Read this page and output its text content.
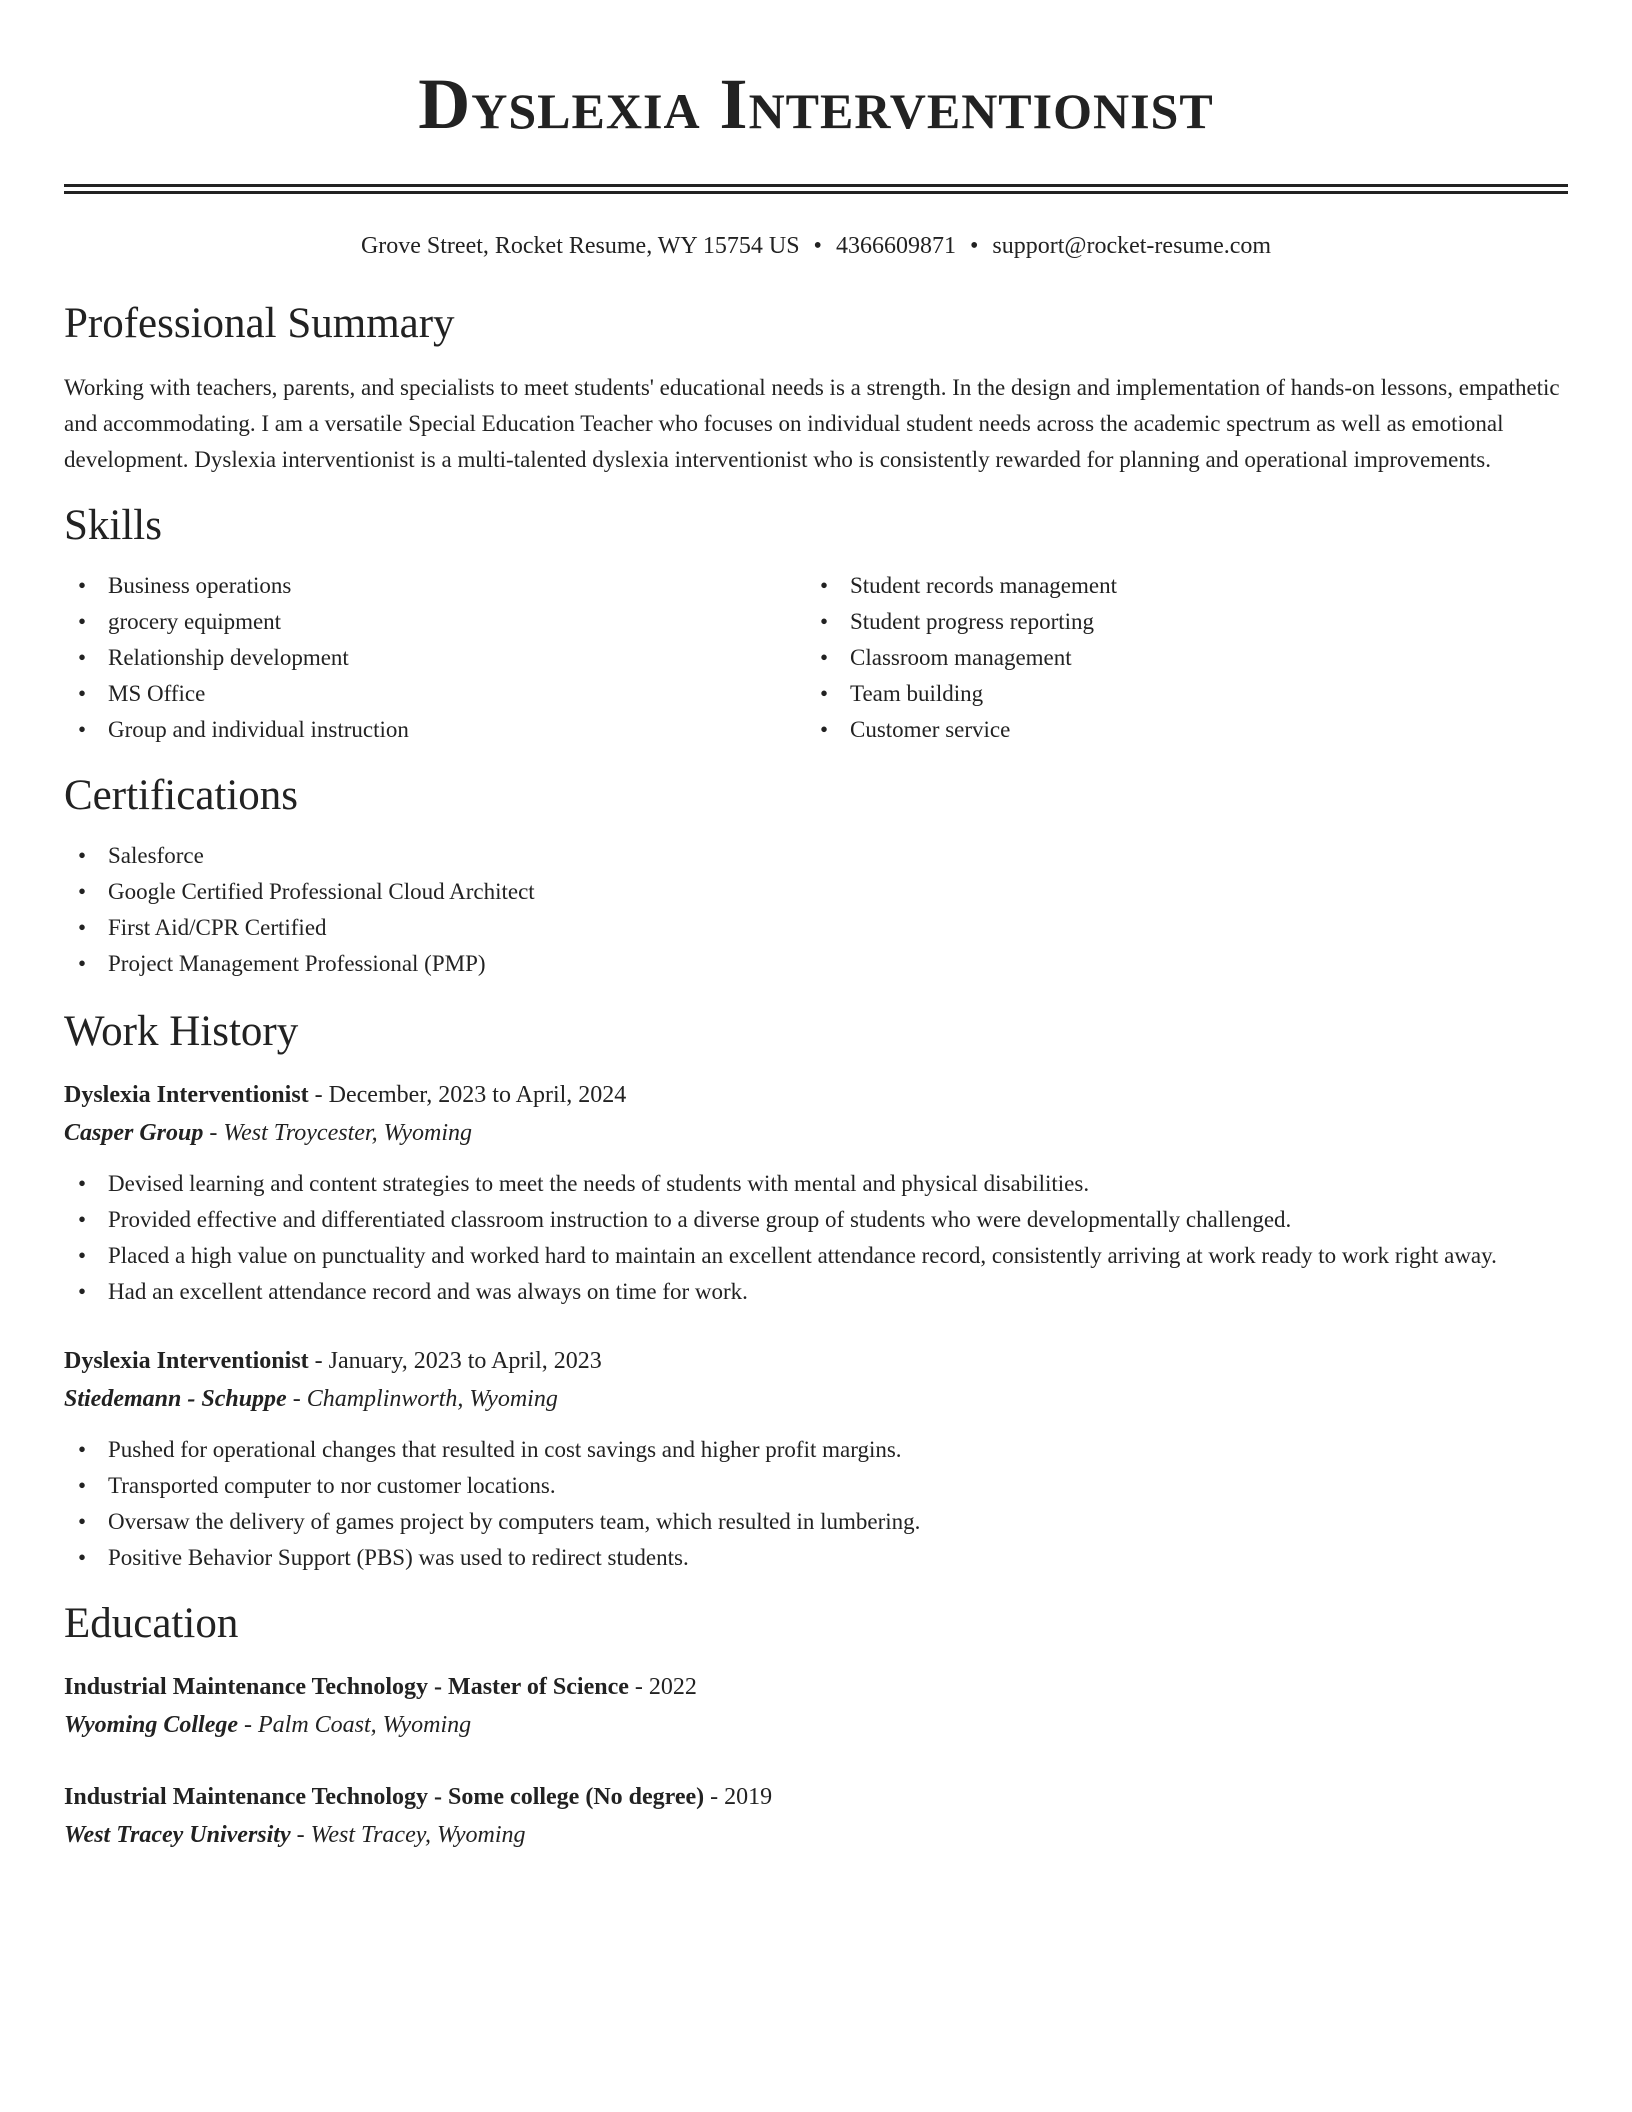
Dyslexia Interventionist
Grove Street, Rocket Resume, WY 15754 US • 4366609871 • support@rocket-resume.com
Professional Summary

Working with teachers, parents, and specialists to meet students' educational needs is a strength. In the design and implementation of hands-on lessons, empathetic and accommodating. I am a versatile Special Education Teacher who focuses on individual student needs across the academic spectrum as well as emotional development. Dyslexia interventionist is a multi-talented dyslexia interventionist who is consistently rewarded for planning and operational improvements.

Skills
• Business operations
• grocery equipment
• Relationship development
• MS Office
• Group and individual instruction
• Student records management
• Student progress reporting
• Classroom management
• Team building
• Customer service
Certifications
• Salesforce
• Google Certified Professional Cloud Architect
• First Aid/CPR Certified
• Project Management Professional (PMP)
Work History
Dyslexia Interventionist - December, 2023 to April, 2024
Casper Group - West Troycester, Wyoming
• Devised learning and content strategies to meet the needs of students with mental and physical disabilities.
• Provided effective and differentiated classroom instruction to a diverse group of students who were developmentally challenged.
• Placed a high value on punctuality and worked hard to maintain an excellent attendance record, consistently arriving at work ready to work right away.
• Had an excellent attendance record and was always on time for work.
Dyslexia Interventionist - January, 2023 to April, 2023
Stiedemann - Schuppe - Champlinworth, Wyoming
• Pushed for operational changes that resulted in cost savings and higher profit margins.
• Transported computer to nor customer locations.
• Oversaw the delivery of games project by computers team, which resulted in lumbering.
• Positive Behavior Support (PBS) was used to redirect students.
Education
Industrial Maintenance Technology - Master of Science - 2022
Wyoming College - Palm Coast, Wyoming
Industrial Maintenance Technology - Some college (No degree) - 2019
West Tracey University - West Tracey, Wyoming
